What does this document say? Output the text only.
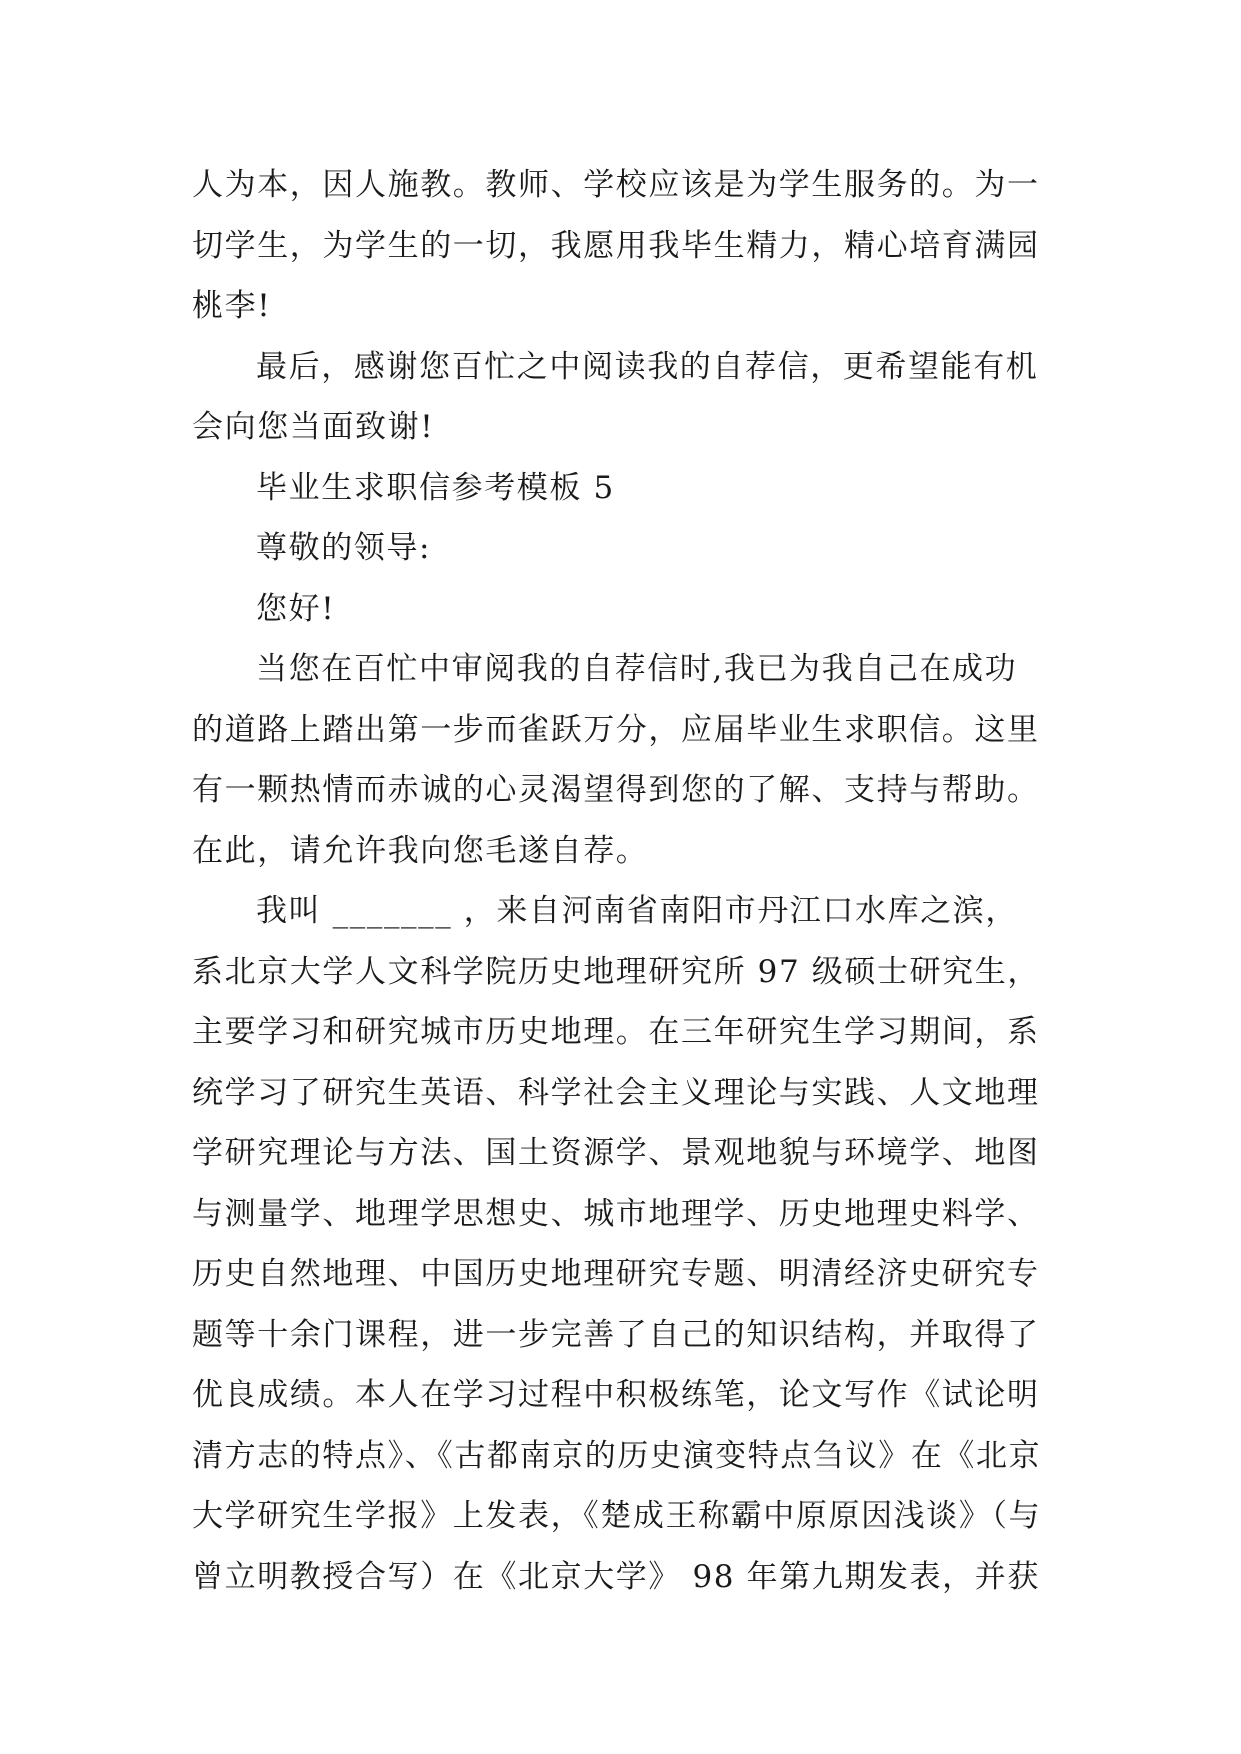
人为本，因人施教。教师、学校应该是为学生服务的。为一
切学生，为学生的一切，我愿用我毕生精力，精心培育满园
桃李!
最后，感谢您百忙之中阅读我的自荐信，更希望能有机
会向您当面致谢!
毕业生求职信参考模板 5
尊敬的领导:
您好!
当您在百忙中审阅我的自荐信时,我已为我自己在成功
的道路上踏出第一步而雀跃万分，应届毕业生求职信。这里
有一颗热情而赤诚的心灵渴望得到您的了解、支持与帮助。
在此，请允许我向您毛遂自荐。
我叫 _______ ，来自河南省南阳市丹江口水库之滨，
系北京大学人文科学院历史地理研究所 97 级硕士研究生，
主要学习和研究城市历史地理。在三年研究生学习期间，系
统学习了研究生英语、科学社会主义理论与实践、人文地理
学研究理论与方法、国土资源学、景观地貌与环境学、地图
与测量学、地理学思想史、城市地理学、历史地理史料学、
历史自然地理、中国历史地理研究专题、明清经济史研究专
题等十余门课程，进一步完善了自己的知识结构，并取得了
优良成绩。本人在学习过程中积极练笔，论文写作《试论明
清方志的特点》、《古都南京的历史演变特点刍议》在《北京
大学研究生学报》上发表，《楚成王称霸中原原因浅谈》（与
曾立明教授合写）在《北京大学》 98 年第九期发表，并获
